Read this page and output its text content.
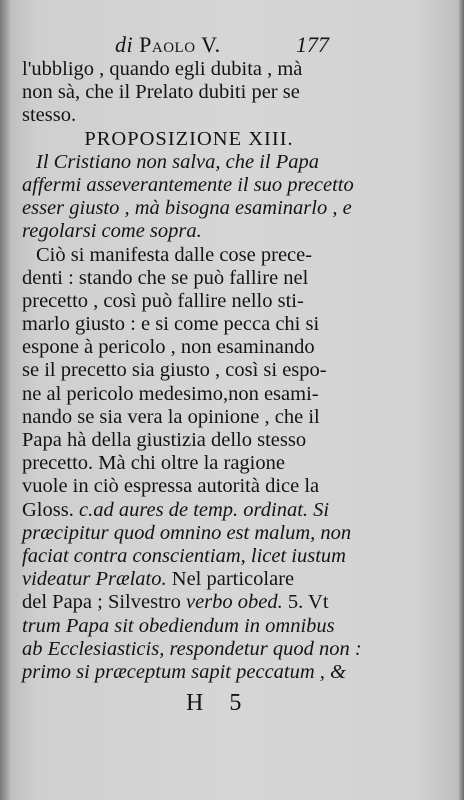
di Paolo V.	177
l'ubbligo , quando egli dubita , mà
non sà, che il Prelato dubiti per se
stesso.
PROPOSIZIONE XIII.
Il Cristiano non salva, che il Papa
affermi asseverantemente il suo precetto
esser giusto , mà bisogna esaminarlo , e
regolarsi come sopra.
Ciò si manifesta dalle cose prece-
denti : stando che se può fallire nel
precetto , così può fallire nello sti-
marlo giusto : e si come pecca chi si
espone à pericolo , non esaminando
se il precetto sia giusto , così si espo-
ne al pericolo medesimo,non esami-
nando se sia vera la opinione , che il
Papa hà della giustizia dello stesso
precetto. Mà chi oltre la ragione
vuole in ciò espressa autorità dice la
Gloss. c.ad aures de temp. ordinat. Si
præcipitur quod omnino est malum, non
faciat contra conscientiam, licet iustum
videatur Prælato. Nel particolare
del Papa ; Silvestro verbo obed. 5. Vt
trum Papa sit obediendum in omnibus
ab Ecclesiasticis, respondetur quod non :
primo si præceptum sapit peccatum , &
H 5
